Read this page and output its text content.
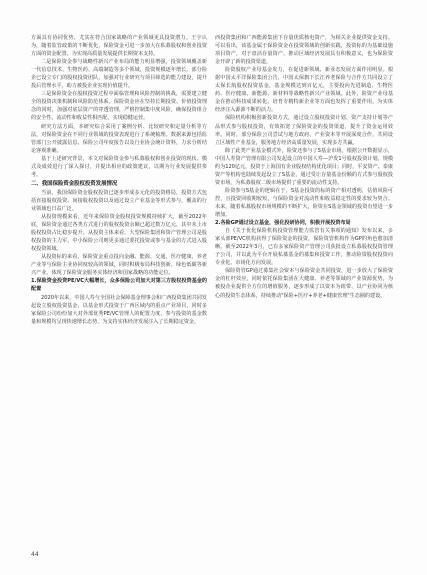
方面具有协同优势，尤其在符合国家战略的产业领域更具投资潜力。王宇认为，随着监管政策的不断优化，保险资金可进一步加大在私募股权和创业投资方面的资金配置，为实现高质量发展提供长期资本支持。

二是保险资金参与战略性新兴产业布局的能力明显增强，投资领域覆盖新一代信息技术、生物医药、高端制造等多个领域，投资规模逐年增长。部分险企已设立专门的股权投资团队，加强对行业研究与项目筛选的能力建设，提升投后管理水平，助力被投企业实现价值提升。

三是保险资金在股权投资过程中面临管理和风险控制的挑战，需要建立健全的投资决策机制和风险防范体系。保险资金应在坚持长期投资、价值投资理念的同时，加强对底层资产的穿透管理，严格控制集中度风险，确保投资组合的安全性、流动性和收益性相匹配，实现稳健运营。

研究方法方面，本研究综合采用了案例分析、比较研究和定量分析等方法，对保险资金在不同行业领域的投资表现进行了系统梳理。数据来源包括监管部门公开披露信息、保险公司年度报告以及行业协会统计资料，力求分析结论客观准确。

基于上述研究背景，本文对保险资金参与私募股权和创业投资的现状、模式及成效进行了深入探讨，并提出相应的政策建议，以期为行业发展提供参考。

二、我国保险资金股权投资发展情况

当前，我国保险资金股权投资已逐步形成多元化的投资格局，投资方式包括直接股权投资、间接股权投资以及通过设立产业基金等形式参与，覆盖的行业领域也日益广泛。

从投资规模来看，近年来保险资金股权投资规模持续扩大，截至2022年底，保险资金通过各类方式进行的股权投资余额已超过数万亿元，其中未上市股权投资占比稳步提升。从投资主体来看，大型保险集团和资产管理公司是股权投资的主力军，中小保险公司则更多通过委托投资或参与基金的方式进入股权投资领域。

从投资标的来看，保险资金重点投向金融、能源、交通、医疗健康、养老产业等与保险主业协同度较高的领域，同时积极布局科技创新、绿色低碳等新兴产业，体现了保险资金服务实体经济和国家战略的功能定位。

1.保险资金投资PE/VC大幅增长，众多保险公司加大对第三方股权投资基金的配置

2020年以来，中国人寿与全国社会保障基金理事会和广西投资集团共同发起设立股权投资基金，以基金形式投资于广西区域内的重点产业项目，同时多家保险公司纷纷加大对外部优秀PE/VC管理人的配置力度，参与投资的基金数量和规模均呈现快速增长态势，为支持实体经济发展注入了长期稳定资金。

西投资集团和广西能源集团下存量优质核电资产，为相关企业提供资金支持。可以看出，该基金属于保险资金在投资领域的创新实践，投资标的为基础设施项目资产，对于盘活存量资产、推动区域经济发展具有积极意义，也为保险资金开辟了新的投资渠道。

险资股权产业母基金发力，在促进新领域、新业态发展方面作用明显。根据中国太平洋保险集团公告，中国太保旗下长江养老保险与合作方共同设立了太保长航股权投资基金，基金规模达到百亿元，主要投向先进制造、生物医药、医疗健康、新能源、新材料等战略性新兴产业领域。此外，险资产业母基金在推动科技成果转化、培育专精特新企业等方面也发挥了重要作用，为实体经济注入源源不断的活力。

保险机构积极创新投资方式，通过设立股权投资计划、资产支持计划等产品形式参与股权投资，有效拓宽了保险资金的投资渠道，提升了资金运用效率。同时，部分保险公司尝试与地方政府、产业资本等开展深度合作，共同设立区域性产业基金，服务地方经济高质量发展，实现多方共赢。

除了此类产业基金模式外，险资还参与了S基金市场。根据公开数据显示，中国人寿资产管理有限公司发起设立的中国人寿—沪发1号股权投资计划，规模约为120亿元，投资于上海国有企业股权结构优化项目；同时，平安资产、泰康资产等机构也陆续发起设立了S基金，通过受让存量基金份额的方式参与股权投资市场，为私募股权二级市场提供了重要的流动性支持。

险资参与S基金的逻辑在于，S基金投资的标的资产相对透明，估值风险可控，且投资回收期较短，与保险资金对流动性和收益稳定性的要求较为契合。未来，随着私募股权市场规模的不断扩大，险资在S基金领域的投资有望进一步增加。

2.各险GP通过设立基金，强化投研协同，积极开展投资布局

自《关于优化保险机构投资管理能力监管有关事项的通知》发布以来，多家头部PE/VC机构获得了保险资金的投资，保险资管机构作为GP的角色愈加清晰。截至2022年3月，已有多家保险资产管理公司获批设立私募股权投资管理子公司，并以此为平台开展私募基金的募集和投资工作，推动险资股权投资向专业化、市场化方向发展。

保险资管GP通过募集社会资本与保险资金共同投资，进一步放大了保险资金的杠杆效应，同时依托保险集团在大健康、养老等领域的产业资源优势，为被投企业提供全方位的增值服务，逐步形成了以资本为纽带、以产业协同为核心的投资生态体系，持续推动"保险+医疗+养老+健康管理"生态圈的建设。

44
